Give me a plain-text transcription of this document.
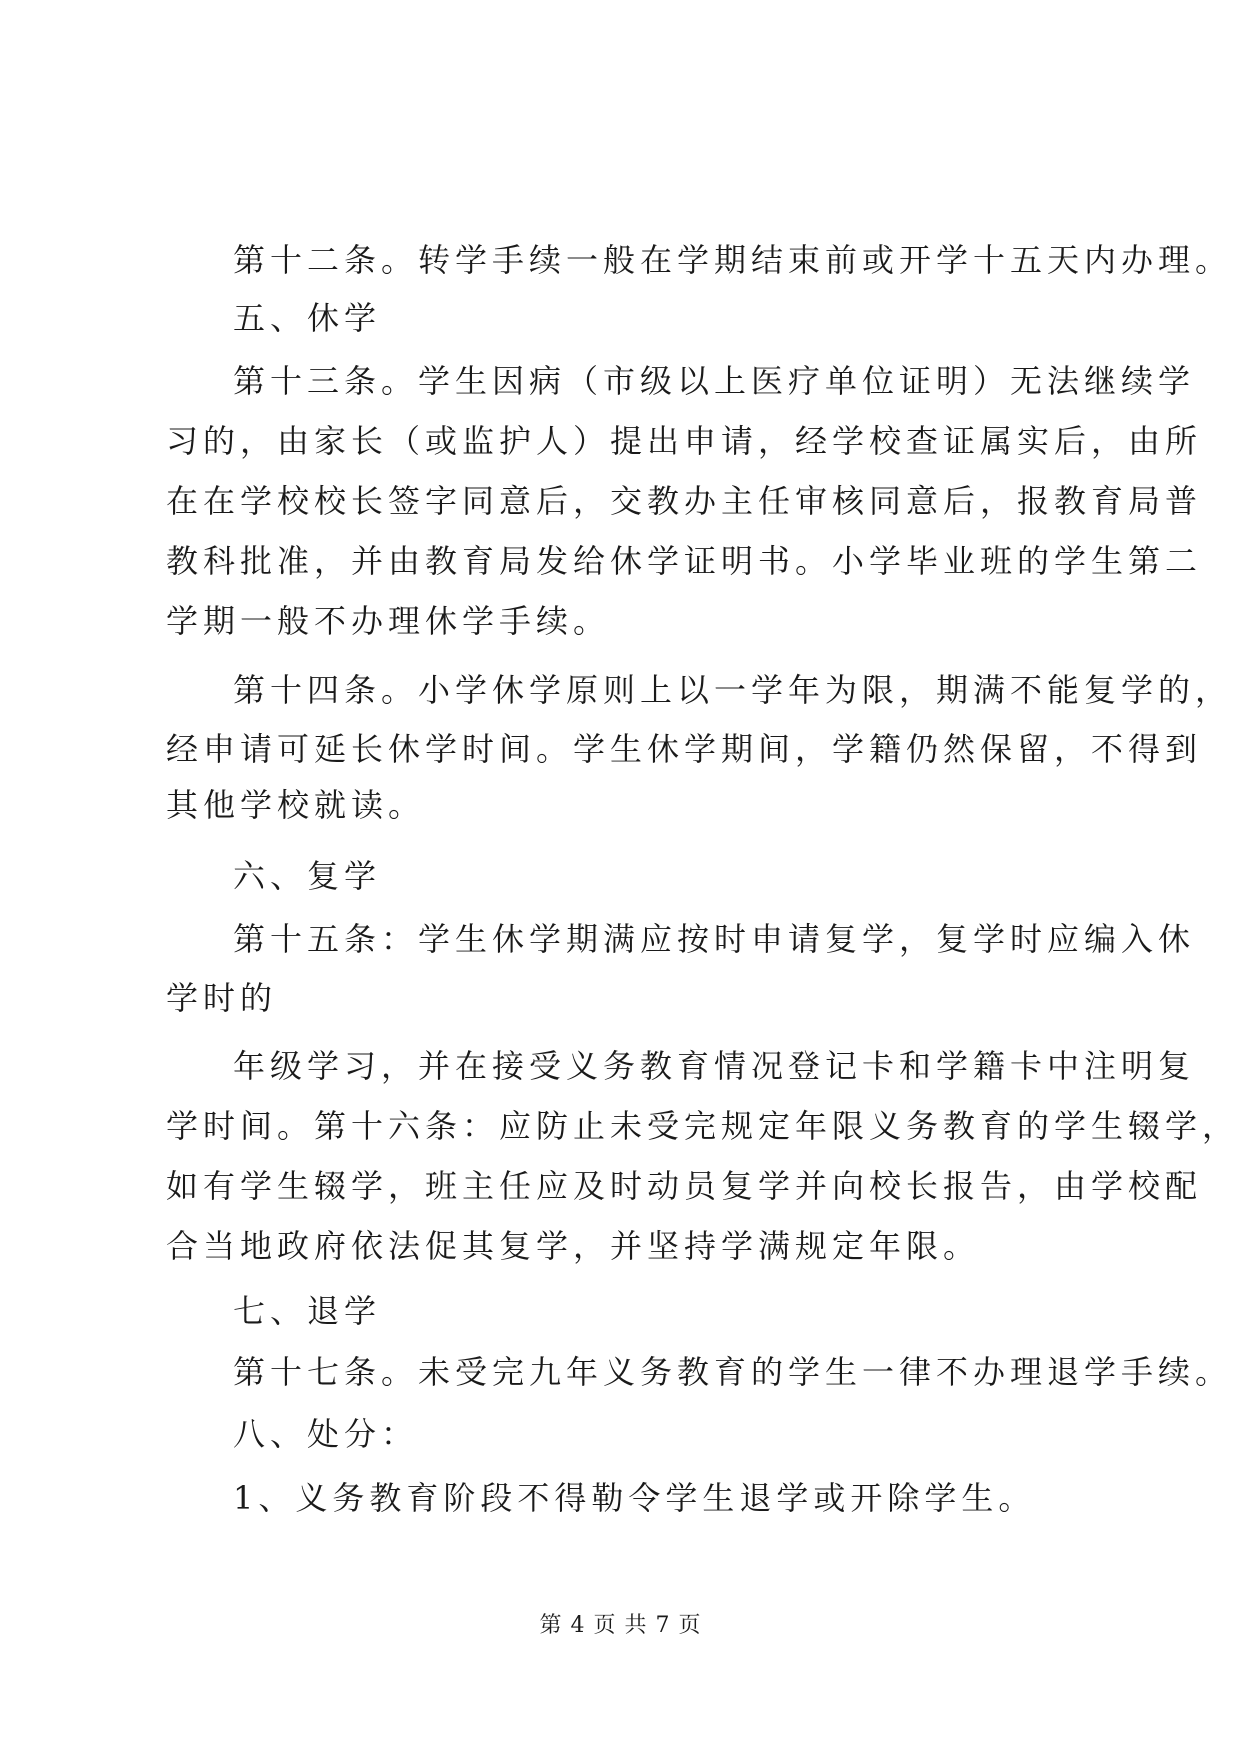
第十二条。转学手续一般在学期结束前或开学十五天内办理。
五、休学
第十三条。学生因病（市级以上医疗单位证明）无法继续学
习的，由家长（或监护人）提出申请，经学校查证属实后，由所
在在学校校长签字同意后，交教办主任审核同意后，报教育局普
教科批准，并由教育局发给休学证明书。小学毕业班的学生第二
学期一般不办理休学手续。
第十四条。小学休学原则上以一学年为限，期满不能复学的，
经申请可延长休学时间。学生休学期间，学籍仍然保留，不得到
其他学校就读。
六、复学
第十五条：学生休学期满应按时申请复学，复学时应编入休
学时的
年级学习，并在接受义务教育情况登记卡和学籍卡中注明复
学时间。第十六条：应防止未受完规定年限义务教育的学生辍学，
如有学生辍学，班主任应及时动员复学并向校长报告，由学校配
合当地政府依法促其复学，并坚持学满规定年限。
七、退学
第十七条。未受完九年义务教育的学生一律不办理退学手续。
八、处分：
1、义务教育阶段不得勒令学生退学或开除学生。
第 4 页 共 7 页
